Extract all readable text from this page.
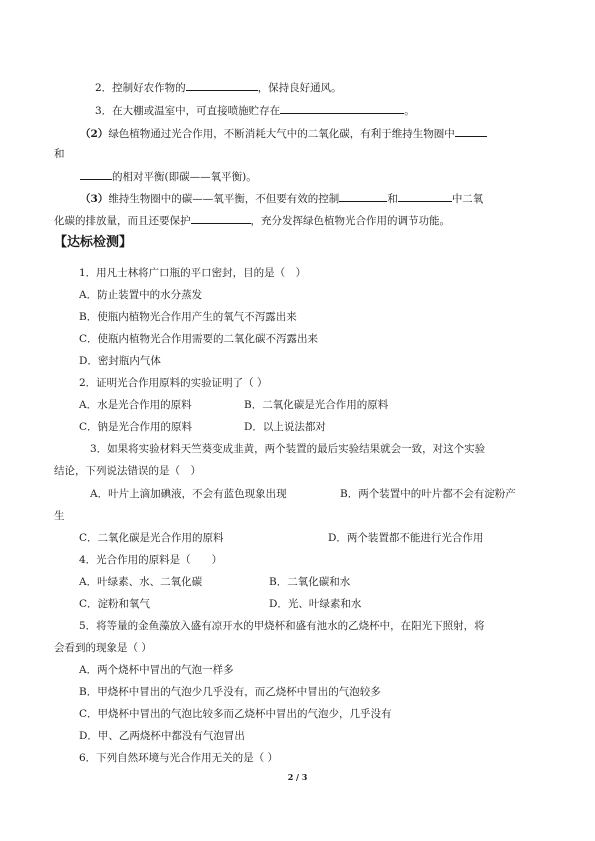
2．控制好农作物的	，保持良好通风。
3．在大棚或温室中，可直接喷施贮存在	。
（2）绿色植物通过光合作用，不断消耗大气中的二氧化碳，有利于维持生物圈中
和
的相对平衡(即碳——氧平衡)。
（3）维持生物圈中的碳——氧平衡，不但要有效的控制	和	中二氧
化碳的排放量，而且还要保护	，充分发挥绿色植物光合作用的调节功能。
【达标检测】
1．用凡士林将广口瓶的平口密封，目的是（　）
A．防止装置中的水分蒸发
B．使瓶内植物光合作用产生的氧气不泻露出来
C．使瓶内植物光合作用需要的二氧化碳不泻露出来
D．密封瓶内气体
2．证明光合作用原料的实验证明了（ ）
A．水是光合作用的原料	B．二氧化碳是光合作用的原料
C．钠是光合作用的原料	D．以上说法都对
3．如果将实验材料天竺葵变成韭黄，两个装置的最后实验结果就会一致，对这个实验
结论，下列说法错误的是（　）
A．叶片上滴加碘液，不会有蓝色现象出现	B．两个装置中的叶片都不会有淀粉产
生
C．二氧化碳是光合作用的原料	D．两个装置都不能进行光合作用
4．光合作用的原料是（　　）
A．叶绿素、水、二氧化碳	B．二氧化碳和水
C．淀粉和氧气	D．光、叶绿素和水
5．将等量的金鱼藻放入盛有凉开水的甲烧杯和盛有池水的乙烧杯中，在阳光下照射，将
会看到的现象是（ ）
A．两个烧杯中冒出的气泡一样多
B．甲烧杯中冒出的气泡少几乎没有，而乙烧杯中冒出的气泡较多
C．甲烧杯中冒出的气泡比较多而乙烧杯中冒出的气泡少，几乎没有
D．甲、乙两烧杯中都没有气泡冒出
6．下列自然环境与光合作用无关的是（ ）
2 / 3
